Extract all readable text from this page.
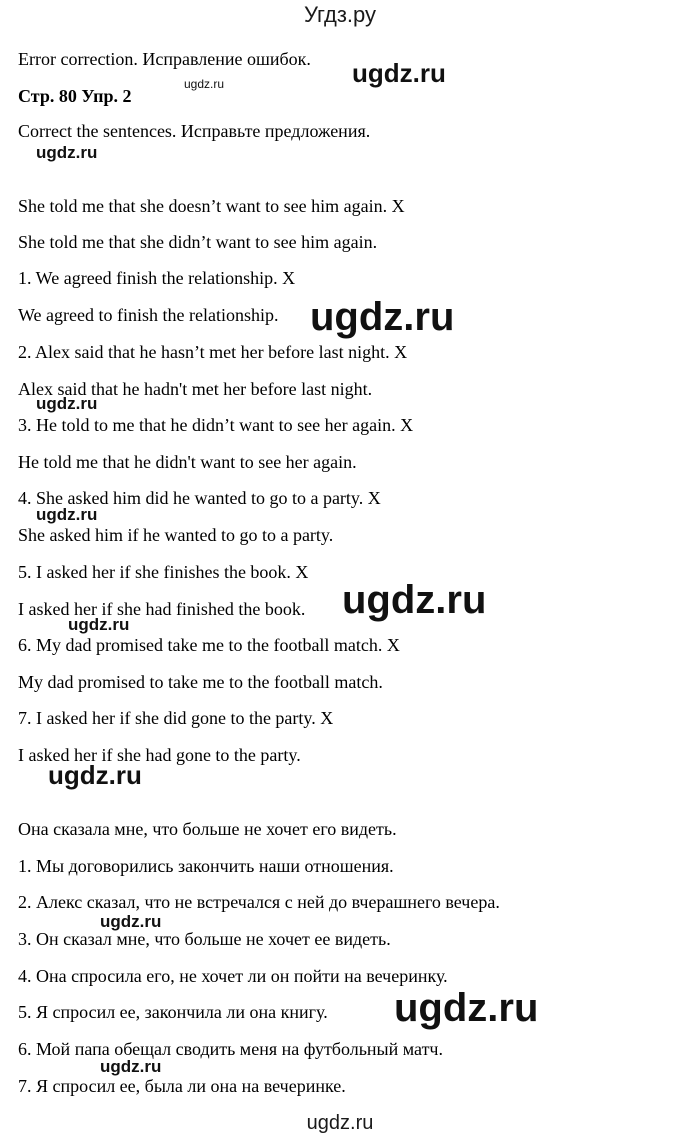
Угдз.ру
Error correction. Исправление ошибок.
Стр. 80 Упр. 2
Correct the sentences. Исправьте предложения.
She told me that she doesn’t want to see him again. X
She told me that she didn’t want to see him again.
1. We agreed finish the relationship. X
We agreed to finish the relationship.
2. Alex said that he hasn’t met her before last night. X
Alex said that he hadn't met her before last night.
3. He told to me that he didn’t want to see her again. X
He told me that he didn't want to see her again.
4. She asked him did he wanted to go to a party. X
She asked him if he wanted to go to a party.
5. I asked her if she finishes the book. X
I asked her if she had finished the book.
6. My dad promised take me to the football match. X
My dad promised to take me to the football match.
7. I asked her if she did gone to the party. X
I asked her if she had gone to the party.
Она сказала мне, что больше не хочет его видеть.
1. Мы договорились закончить наши отношения.
2. Алекс сказал, что не встречался с ней до вчерашнего вечера.
3. Он сказал мне, что больше не хочет ее видеть.
4. Она спросила его, не хочет ли он пойти на вечеринку.
5. Я спросил ее, закончила ли она книгу.
6. Мой папа обещал сводить меня на футбольный матч.
7. Я спросил ее, была ли она на вечеринке.
ugdz.ru	ugdz.ru
ugdz.ru
ugdz.ru
ugdz.ru
ugdz.ru
ugdz.ru
ugdz.ru
ugdz.ru
ugdz.ru
ugdz.ru
ugdz.ru
ugdz.ru
